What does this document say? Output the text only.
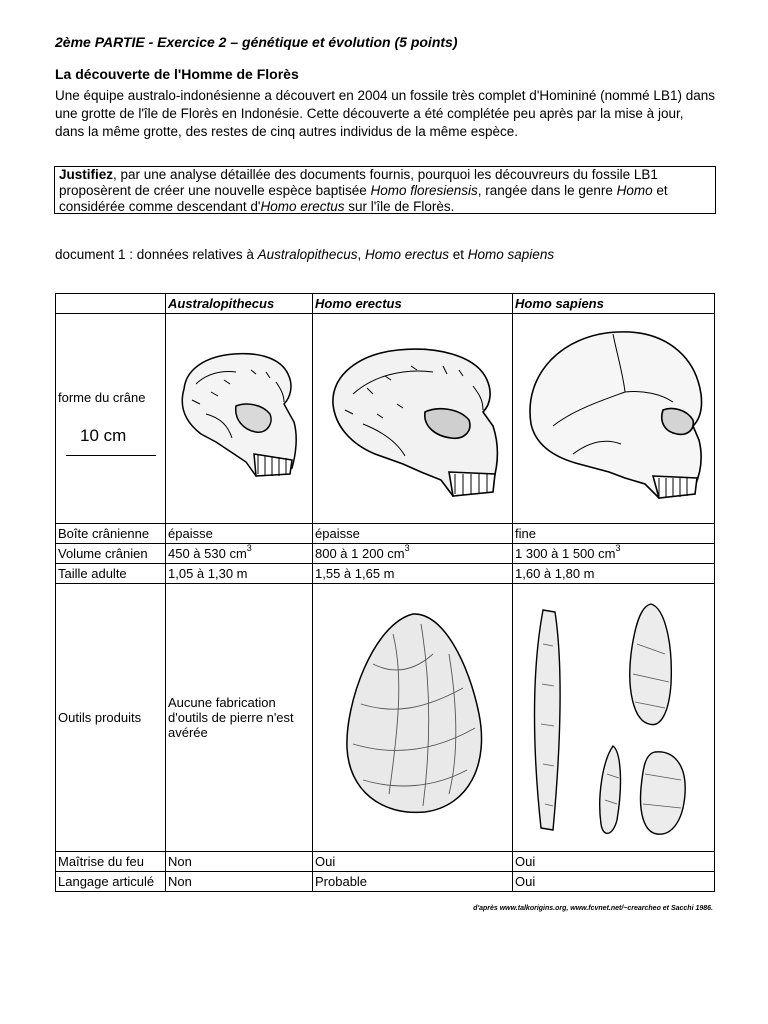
2ème PARTIE - Exercice 2 – génétique et évolution (5 points)
La découverte de l'Homme de Florès
Une équipe australo-indonésienne a découvert en 2004 un fossile très complet d'Homininé (nommé LB1) dans une grotte de l'île de Florès en Indonésie. Cette découverte a été complétée peu après par la mise à jour, dans la même grotte, des restes de cinq autres individus de la même espèce.
Justifiez, par une analyse détaillée des documents fournis, pourquoi les découvreurs du fossile LB1 proposèrent de créer une nouvelle espèce baptisée Homo floresiensis, rangée dans le genre Homo et considérée comme descendant d'Homo erectus sur l'île de Florès.
document 1 : données relatives à Australopithecus, Homo erectus et Homo sapiens
	Australopithecus	Homo erectus	Homo sapiens

forme du crâne
10 cm

Boîte crânienne	épaisse	épaisse	fine
Volume crânien	450 à 530 $cm^3$	800 à 1 200 $cm^3$	1 300 à 1 500 $cm^3$
Taille adulte	1,05 à 1,30 m	1,55 à 1,65 m	1,60 à 1,80 m
Outils produits	Aucune fabrication d'outils de pierre n'est avérée	

Maîtrise du feu	Non	Oui	Oui
Langage articulé	Non	Probable	Oui
d'après www.talkorigins.org, www.fcvnet.net/~crearcheo et Sacchi 1986.
